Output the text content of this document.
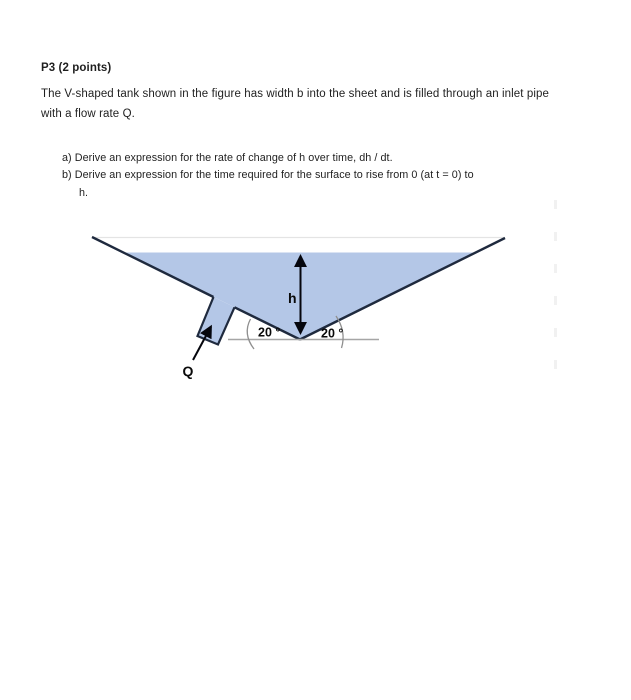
P3 (2 points)
The V-shaped tank shown in the figure has width b into the sheet and is filled through an inlet pipe with a flow rate Q.
a) Derive an expression for the rate of change of h over time, dh / dt.
b) Derive an expression for the time required for the surface to rise from 0 (at t = 0) to
h.
h
Q
20 °	20 °
